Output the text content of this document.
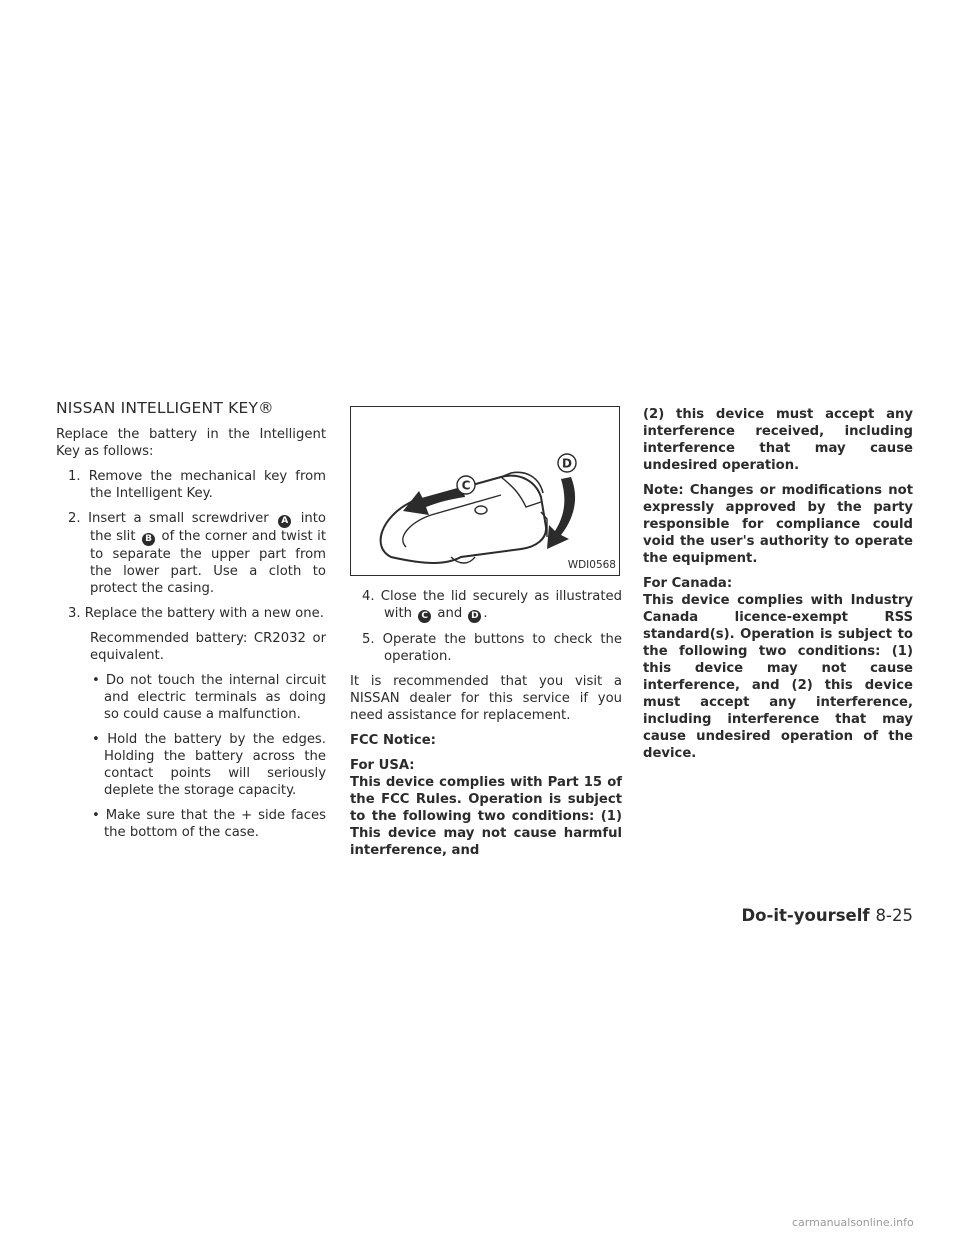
NISSAN INTELLIGENT KEY®

Replace the battery in the Intelligent Key as follows:

1. Remove the mechanical key from the Intelligent Key.

2. Insert a small screwdriver A into the slit B of the corner and twist it to separate the upper part from the lower part. Use a cloth to protect the casing.

3. Replace the battery with a new one.

Recommended battery: CR2032 or equivalent.

• Do not touch the internal circuit and electric terminals as doing so could cause a malfunction.

• Hold the battery by the edges. Holding the battery across the contact points will seriously deplete the storage capacity.

• Make sure that the + side faces the bottom of the case.

C
D
WDI0568

4. Close the lid securely as illustrated with C and D .

5. Operate the buttons to check the operation.

It is recommended that you visit a NISSAN dealer for this service if you need assistance for replacement.

FCC Notice:

For USA:

This device complies with Part 15 of the FCC Rules. Operation is subject to the following two conditions: (1) This device may not cause harmful interference, and

(2) this device must accept any interference received, including interference that may cause undesired operation.

Note: Changes or modifications not expressly approved by the party responsible for compliance could void the user's authority to operate the equipment.

For Canada:

This device complies with Industry Canada licence-exempt RSS standard(s). Operation is subject to the following two conditions: (1) this device may not cause interference, and (2) this device must accept any interference, including interference that may cause undesired operation of the device.

Do-it-yourself 8-25
carmanualsonline.info
